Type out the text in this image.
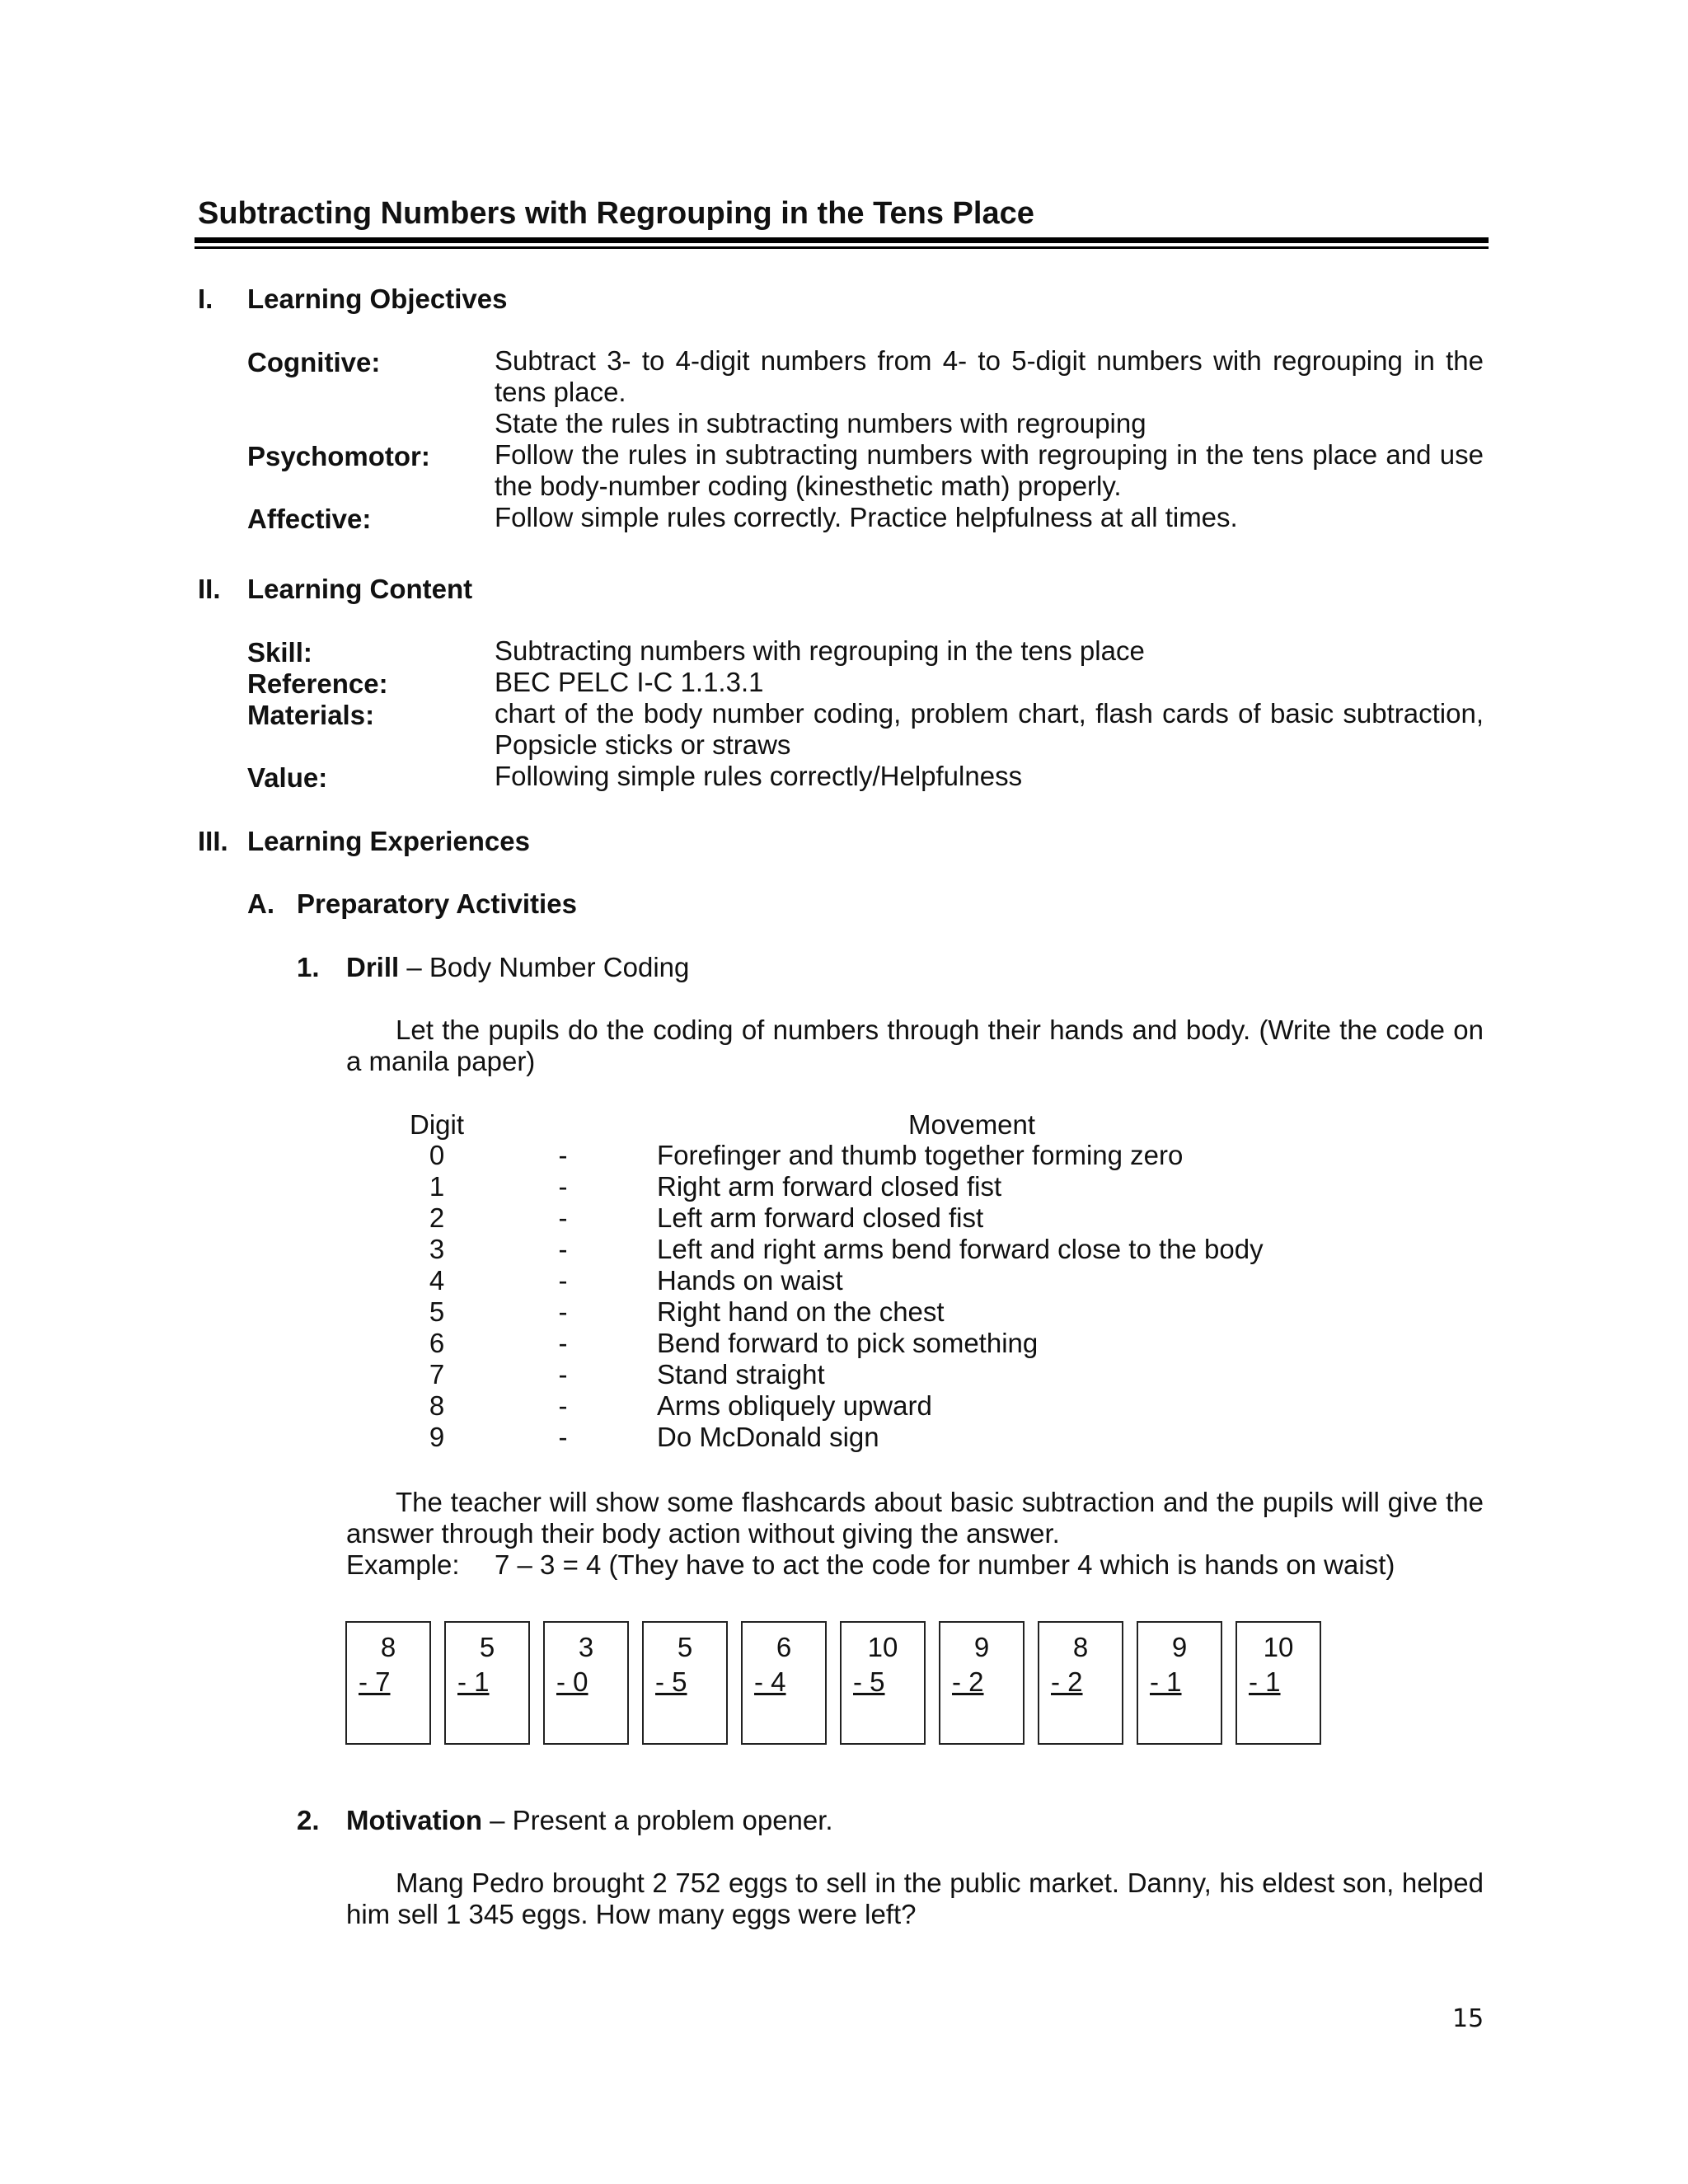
Subtracting Numbers with Regrouping in the Tens Place
I. Learning Objectives
Cognitive:	Subtract 3- to 4-digit numbers from 4- to 5-digit numbers with regrouping in the tens place.
State the rules in subtracting numbers with regrouping
Psychomotor: Follow the rules in subtracting numbers with regrouping in the tens place and use the body-number coding (kinesthetic math) properly.
Affective:	Follow simple rules correctly. Practice helpfulness at all times.
II. Learning Content
Skill:	Subtracting numbers with regrouping in the tens place
Reference:	BEC PELC I-C 1.1.3.1
Materials:	chart of the body number coding, problem chart, flash cards of basic subtraction, Popsicle sticks or straws
Value:	Following simple rules correctly/Helpfulness
III. Learning Experiences
A. Preparatory Activities
1. Drill – Body Number Coding
Let the pupils do the coding of numbers through their hands and body. (Write the code on a manila paper)
Digit	Movement
0	-	Forefinger and thumb together forming zero
1	-	Right arm forward closed fist
2	-	Left arm forward closed fist
3	-	Left and right arms bend forward close to the body
4	-	Hands on waist
5	-	Right hand on the chest
6	-	Bend forward to pick something
7	-	Stand straight
8	-	Arms obliquely upward
9	-	Do McDonald sign
The teacher will show some flashcards about basic subtraction and the pupils will give the answer through their body action without giving the answer.
Example: 7 – 3 = 4 (They have to act the code for number 4 which is hands on waist)
8
- 7
5
- 1
3
- 0
5
- 5
6
- 4
10
- 5
9
- 2
8
- 2
9
- 1
10
- 1
2. Motivation – Present a problem opener.
Mang Pedro brought 2 752 eggs to sell in the public market. Danny, his eldest son, helped him sell 1 345 eggs. How many eggs were left?
15
